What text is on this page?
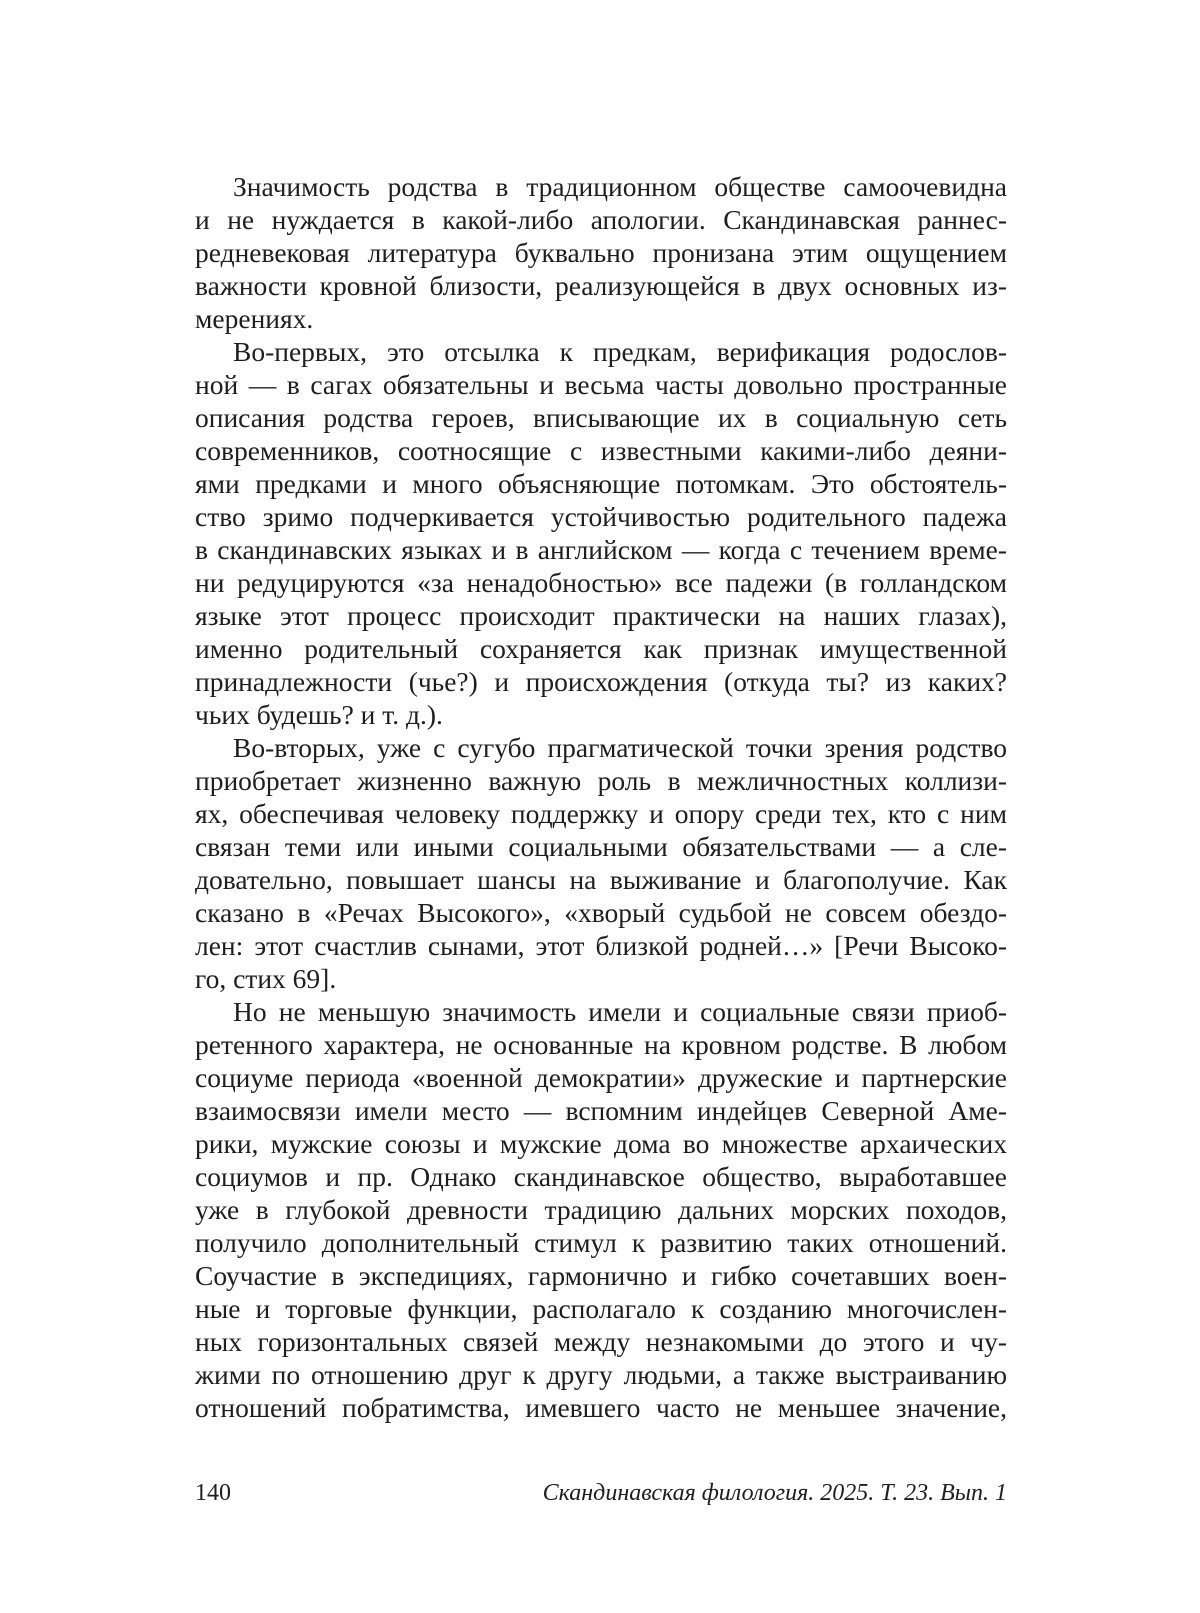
Значимость родства в традиционном обществе самоочевидна
и не нуждается в какой-либо апологии. Скандинавская раннес-
редневековая литература буквально пронизана этим ощущением
важности кровной близости, реализующейся в двух основных из-
мерениях.
Во-первых, это отсылка к предкам, верификация родослов-
ной — в сагах обязательны и весьма часты довольно пространные
описания родства героев, вписывающие их в социальную сеть
современников, соотносящие с известными какими-либо деяни-
ями предками и много объясняющие потомкам. Это обстоятель-
ство зримо подчеркивается устойчивостью родительного падежа
в скандинавских языках и в английском — когда с течением време-
ни редуцируются «за ненадобностью» все падежи (в голландском
языке этот процесс происходит практически на наших глазах),
именно родительный сохраняется как признак имущественной
принадлежности (чье?) и происхождения (откуда ты? из каких?
чьих будешь? и т. д.).
Во-вторых, уже с сугубо прагматической точки зрения родство
приобретает жизненно важную роль в межличностных коллизи-
ях, обеспечивая человеку поддержку и опору среди тех, кто с ним
связан теми или иными социальными обязательствами — а сле-
довательно, повышает шансы на выживание и благополучие. Как
сказано в «Речах Высокого», «хворый судьбой не совсем обездо-
лен: этот счастлив сынами, этот близкой родней…» [Речи Высоко-
го, стих 69].
Но не меньшую значимость имели и социальные связи приоб-
ретенного характера, не основанные на кровном родстве. В любом
социуме периода «военной демократии» дружеские и партнерские
взаимосвязи имели место — вспомним индейцев Северной Аме-
рики, мужские союзы и мужские дома во множестве архаических
социумов и пр. Однако скандинавское общество, выработавшее
уже в глубокой древности традицию дальних морских походов,
получило дополнительный стимул к развитию таких отношений.
Соучастие в экспедициях, гармонично и гибко сочетавших воен-
ные и торговые функции, располагало к созданию многочислен-
ных горизонтальных связей между незнакомыми до этого и чу-
жими по отношению друг к другу людьми, а также выстраиванию
отношений побратимства, имевшего часто не меньшее значение,
140	Скандинавская филология. 2025. Т. 23. Вып. 1
